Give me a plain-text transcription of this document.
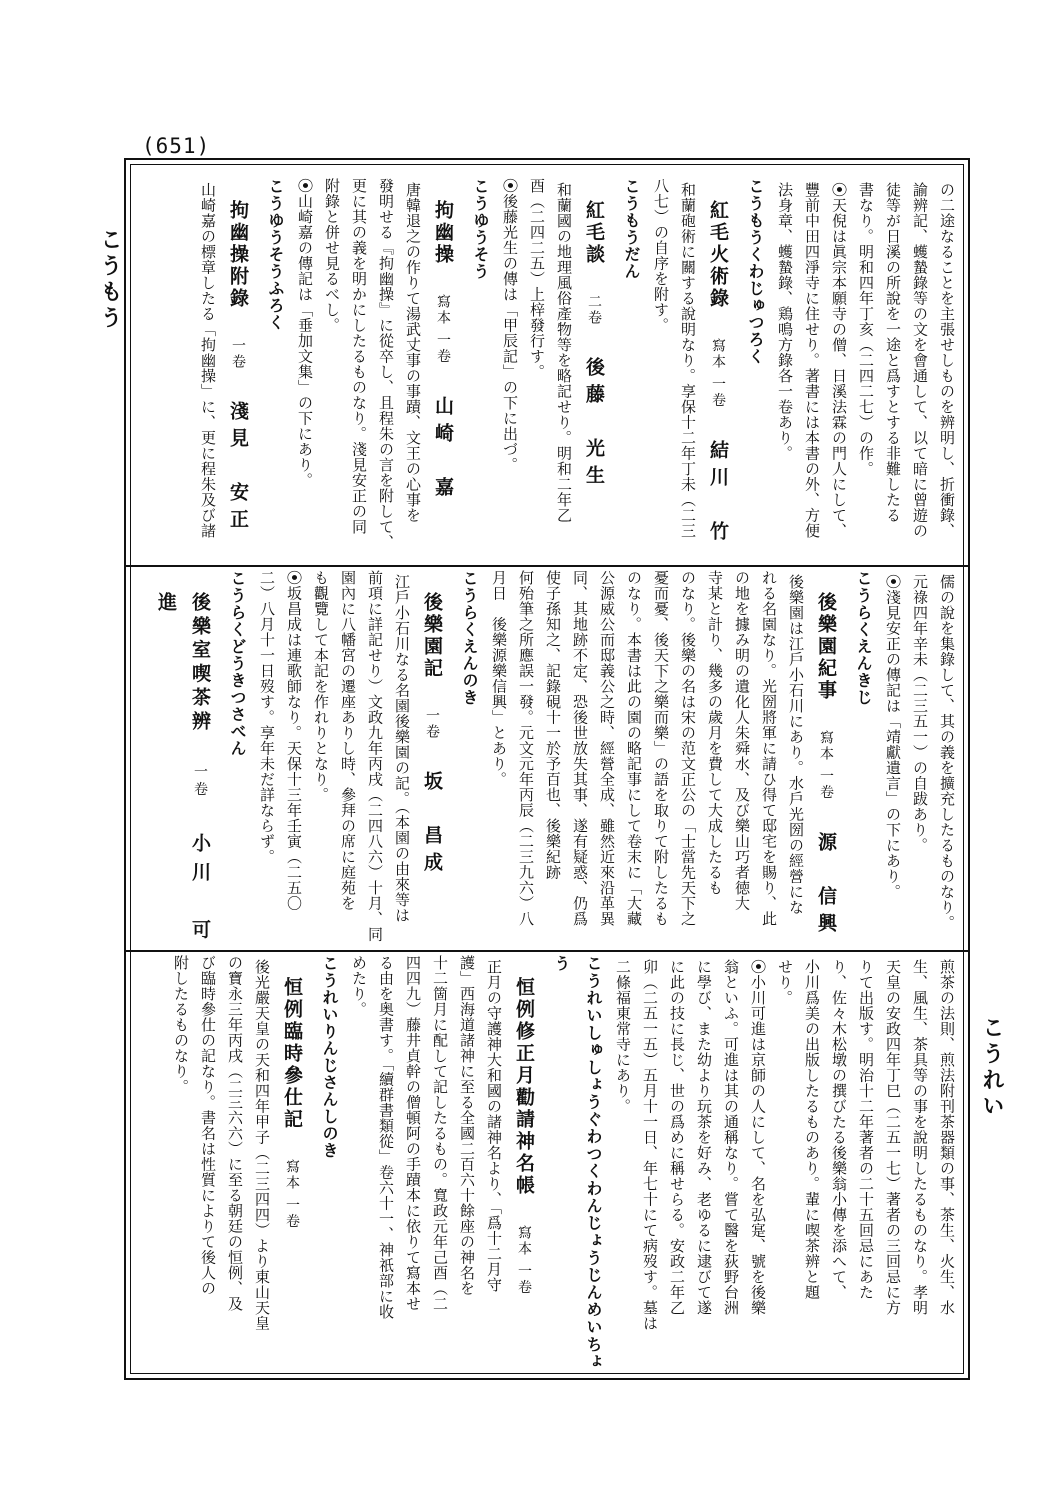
(651)
こうもう
こうれい

の二途なることを主張せしものを辨明し、折衝錄、

諭辨記、蠖蟄錄等の文を會通して、以て暗に曾遊の

徒等が日溪の所說を一途と爲すとする非難したる

書なり。明和四年丁亥（二四二七）の作。

⦿天倪は眞宗本願寺の僧、日溪法霖の門人にして、

豐前中田四淨寺に住せり。著書には本書の外、方便

法身章、蠖蟄錄、鶏鳴方錄各一卷あり。

こうもうくわじゅつろく

紅毛火術錄 寫本 一卷 結川　竹

和蘭砲術に關する說明なり。享保十二年丁未（二三

八七）の自序を附す。

こうもうだん

紅毛談 二卷 後藤　光生

和蘭國の地理風俗產物等を略記せり。明和二年乙

酉（二四二五）上梓發行す。

⦿後藤光生の傳は「甲辰記」の下に出づ。

こうゆうそう

拘幽操 寫本 一卷 山崎　嘉

唐韓退之の作りて湯武丈事の事蹟、文王の心事を

發明せる『拘幽操』に從卒し、且程朱の言を附して、

更に其の義を明かにしたるものなり。淺見安正の同

附錄と併せ見るべし。

⦿山崎嘉の傳記は「垂加文集」の下にあり。

こうゆうそうふろく

拘幽操附錄 一卷 淺見　安正

山崎嘉の標章したる「拘幽操」に、更に程朱及び諸

儒の說を集錄して、其の義を擴充したるものなり。

元祿四年辛未（二三五一）の自跋あり。

⦿淺見安正の傳記は「靖獻遺言」の下にあり。

こうらくえんきじ

後樂園紀事 寫本 一卷 源　信興

後樂園は江戶小石川にあり。水戶光圀の經營にな

れる名園なり。光圀將軍に請ひ得て邸宅を賜り、此

の地を據み明の遺化人朱舜水、及び樂山巧者徳大

寺某と計り、幾多の歲月を費して大成したるも

のなり。後樂の名は宋の范文正公の「士當先天下之

憂而憂、後天下之樂而樂」の語を取りて附したるも

のなり。本書は此の園の略記事にして卷末に「大藏

公源威公而邸義公之時、經營全成、雖然近來沿革異

同、其地跡不定、恐後世放失其事、遂有疑惑、仍爲

使子孫知之、記錄硯十一於予百也、後樂紀跡

何殆筆之所應誤一發。元文元年丙辰（二三九六）八

月日　後樂源樂信興」とあり。

こうらくえんのき

後樂園記 一卷 坂　昌成

江戶小石川なる名園後樂園の記。（本園の由來等は

前項に詳記せり）文政九年丙戌（二四八六）十月、同

園內に八幡宮の遷座ありし時、參拜の席に庭苑を

も觀覽して本記を作れりとなり。

⦿坂昌成は連歌師なり。天保十三年壬寅（二五〇

二）八月十一日歿す。享年未だ詳ならず。

こうらくどうきつさべん

後樂室喫茶辨 一卷 小川　可進

煎茶の法則、煎法附刊茶器類の事、茶生、火生、水

生、風生、茶具等の事を說明したるものなり。孝明

天皇の安政四年丁巳（二五一七）著者の三回忌に方

りて出版す。明治十二年著者の二十五回忌にあた

り、佐々木松墩の撰びたる後樂翁小傳を添へて、

小川爲美の出版したるものあり。輩に喫茶辨と題

せり。

⦿小川可進は京師の人にして、名を弘寔、號を後樂

翁といふ。可進は其の通稱なり。嘗て醫を荻野台洲

に學び、また幼より玩茶を好み、老ゆるに逮びて遂

に此の技に長じ、世の爲めに稱せらる。安政二年乙

卯（二五一五）五月十一日、年七十にて病歿す。墓は

二條福東常寺にあり。

こうれいしゅしょうぐわつくわんじょうじんめいちょう

恒例修正月勸請神名帳 寫本 一卷

正月の守護神大和國の諸神名より、「爲十二月守

護」西海道諸神に至る全國二百六十餘座の神名を

十二箇月に配して記したるもの。寬政元年己酉（二

四四九）藤井貞幹の僧頓阿の手蹟本に依りて寫本せ

る由を奥書す。「續群書類從」卷六十一、神祇部に收

めたり。

こうれいりんじさんしのき

恒例臨時參仕記 寫本 一卷

後光嚴天皇の天和四年甲子（二三四四）より東山天皇

の寶永三年丙戌（二三六六）に至る朝廷の恒例、及

び臨時參仕の記なり。書名は性質によりて後人の

附したるものなり。
